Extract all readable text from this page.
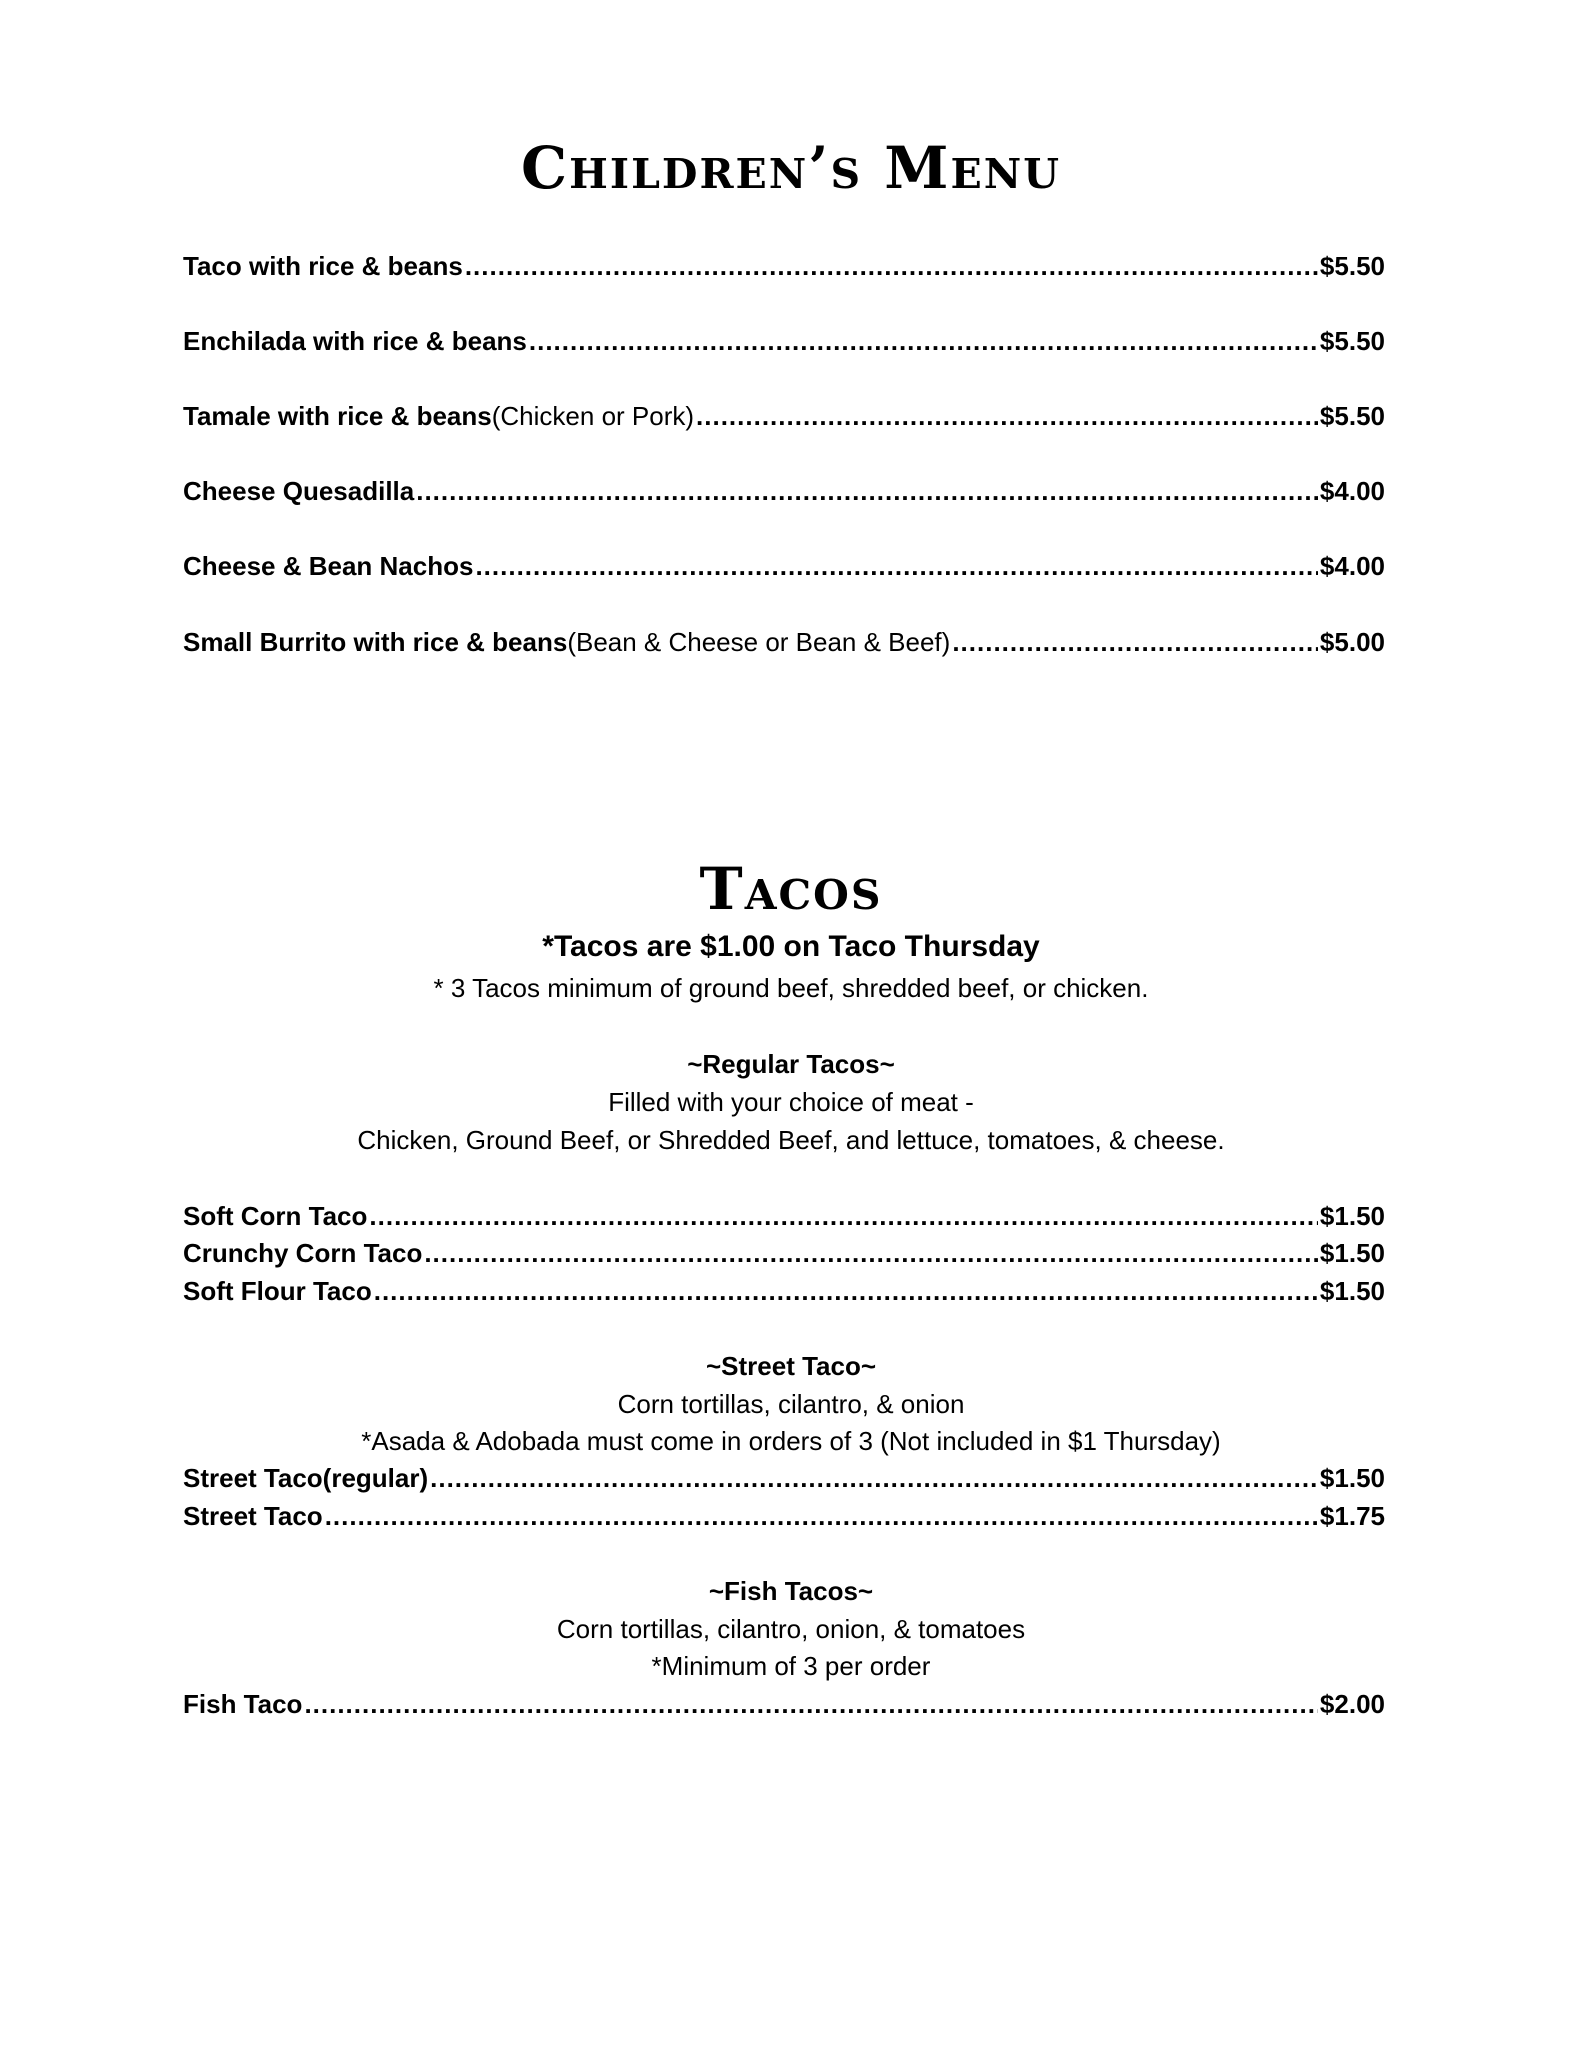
Children’s Menu
Taco with rice & beans .....	$5.50
Enchilada with rice & beans .....	$5.50
Tamale with rice & beans (Chicken or Pork) .....	$5.50
Cheese Quesadilla .....	$4.00
Cheese & Bean Nachos .....	$4.00
Small Burrito with rice & beans (Bean & Cheese or Bean & Beef) .....	$5.00
Tacos

*Tacos are $1.00 on Taco Thursday

* 3 Tacos minimum of ground beef, shredded beef, or chicken.

~Regular Tacos~

Filled with your choice of meat -

Chicken, Ground Beef, or Shredded Beef, and lettuce, tomatoes, & cheese.

Soft Corn Taco .....	$1.50
Crunchy Corn Taco .....	$1.50
Soft Flour Taco .....	$1.50

~Street Taco~

Corn tortillas, cilantro, & onion

*Asada & Adobada must come in orders of 3 (Not included in $1 Thursday)

Street Taco(regular) .....	$1.50
Street Taco .....	$1.75

~Fish Tacos~

Corn tortillas, cilantro, onion, & tomatoes

*Minimum of 3 per order

Fish Taco .....	$2.00
